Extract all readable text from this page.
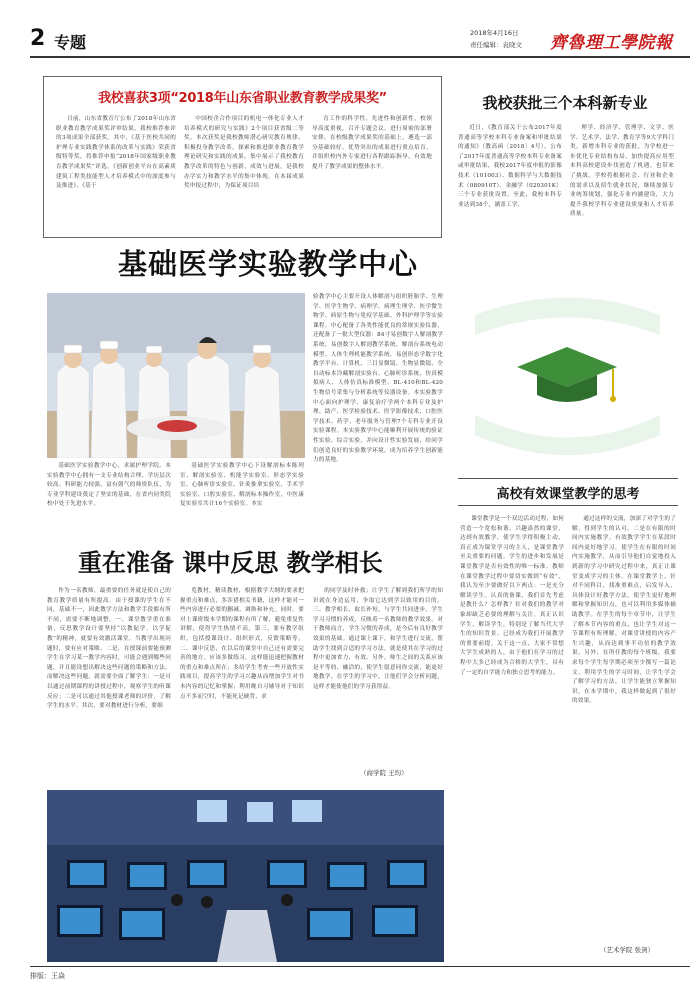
2 专题	2018年4月16日
责任编辑：袁晓文 齊魯理工學院報
我校喜获3项“2018年山东省职业教育教学成果奖”

日前，山东省教育厅公布了2018年山东省职业教育教学成果奖评审结果，我校推荐参评的3项成果全部获奖。其中，《基于医校共同的护理专业实践教学体系的改革与实践》荣获省级特等奖，将推荐申报“2018年国家级职业教育教学成果奖”评选，《创新创业平台在高素质建筑工程类技能型人才培养模式中的深度参与及推进》、《基于

中国校企合作项目的机电一体化专业人才培养模式的研究与实践》2个项目获省级二等奖。本次获奖是我校教师潜心研究教育规律，积极投身教学改革，探索和推进职业教育教学理论研究和实践的成果，集中展示了我校教育教学改革的特色与创新，成效与进展，是我校办学实力和教学水平的集中体现。在本届成果奖申报过程中，为保证项目培

育工作的科学性，先进性和创新性，校领导高度重视，召开专题会议，进行周密的部署安排，在校级教学成果奖的基础上，遴选一部分基础较好、优势突出的成果进行重点培育，并组织校内外专家进行各程跟踪指导，有效地提升了教学成果的整体水平。

我校获批三个本科新专业

近日，《教育部关于公布2017年度普通高等学校本科专业备案和审批结果的通知》（教高函〔2018〕4号），公布了2017年度普通高等学校本科专业备案或审批结果，我校2017年度申报的影像技术（101003）、数据科学与大数据技术（080910T）、金融学（020301K）三个专业获批设置。至此，我校本科专业达到38个，涵盖工学、

理学、经济学、管理学、文学、医学、艺术学、法学、教育学等9大学科门类。新增本科专业的获批，为学校进一步优化专业结构布局，加快提高应用型本科高校建设步伐创造了机遇。也带来了挑战。学校将根据社会、行业和企业的需求以及招生就业状况，继续加强专业统筹规划，强化专业内涵建设，大力提升我校学科专业建设质量和人才培养质量。

基础医学实验教学中心

验教学中心主要开设人体解剖与组织胚胎学、生理学、医学生物学、病理学、病理生理学、医学微生物学、病原生物与免疫学基础、外科护理学等实验课程。中心配备了各类性能优良的常规实验仪器，还配备了一批大型仪器：84寸易创数字人解剖教学系统、易创数字人解剖教学系统、解剖台系统电动模型、人体生理机能教学系统、易创形态学数字化教学平台、计算机、三目显微镜、生物显微镜、全自动标本冷藏解剖实验台、心肺听诊系统、仿真模拟病人、人体仿真标准模型、BL-410和BL-420生物信号采集与分析系统等仪器设备。本实验教学中心面向护理学、康复治疗学两个本科专业及护理、助产、医学检验技术、医学影像技术、口腔医学技术、药学、老年服务与管理7个专科专业开设实验课程。本实验教学中心能顺利开展传统的验证性实验、综合实验，并向设计性实验发展，给同学们创造良好的实验教学环境，成为培养学生创新能力的基地。

基础医学实验教学中心，求属护理学院。本实验教学中心拥有一支专业结构合理、学历层次较高、科研能力较强、富有朝气的师资队伍，为专业学科建设奠定了坚实的基础，在省内同类院校中处于先进水平。

基础医学实验教学中心下设解剖标本陈列室、解剖实验室、机能学实验室、形态学实验室、心肺听诊实验室、针灸推拿实验室、手术学实验室、口腔实验室、解剖标本操作室，中医康复实验室共计16个实验室。本实

重在准备 课中反思 教学相长

作为一名教师，最重要的任务就是使自己的教育教学质量有所提高。由于授课的学生在不同，基础不一，因此教学方法和教学手段都有所不同，需要不断地调整。一、课堂教学重在准备，反思教学设计要坚持“以教促学，以学促教”的精神，就要有效激活课堂，当教学出现问题时，要有应对策略。二是，在授课前要能预测学生在学习某一教学内容时，可能会遇到哪些问题，并且能设想出解决这些问题的策略和方法。而解决这些问题，就需要全面了解学生：一是可以通过前期课程的讲授过程中，观察学生的听课反应；二是可以通过其他授课老师的评价，了解学生的水平。其次，要对教材进行分析，要细

览教材，精读教材，根据教学大纲的要求把握重点和难点，多涉猎相关书籍，这样才能对一些内容进行必要的删减、调换和补充。同时，要对上课班级本学期的课程有所了解，避免重复性讲解，使得学生热情不高。第三，要有教学组织，包括授课设计、组织形式，反馈策略等。二、课中反思，在以后的课堂中自己还有需要完善的地方。应该多做练习，这样能迅速把握教材的重点和难点所在；多给学生考查一些开放性实践项目，提高学生的学习兴趣从而增加学生对书本内容的记忆和掌握；利用晚自习辅导对于知识点不多而空时，不能死记硬背、求

的同学及时补救；让学生了解到我们所学的知识就在身边运用，争取它达到学以致用的目的。三、教学相长，取长补短，与学生共同进步。学生学习习惯的养成，反映着一名教师的教学效果。对于教师而言，学生习惯的养成，是今后有良好教学效果的基础。通过课上课下，和学生进行交流，帮助学生找到合适的学习方法，就是使其在学习的过程中更加省力、有效。另外，师生之间的关系应该是平等的、融洽的，使学生愿意同你交流，能更好地教学。在学生的学习中，让他们学会分析问题，这样才能使他们的学习获得益。

（商学院 王均）
高校有效课堂教学的思考

课堂教学是一个双边活动过程，如何营造一个宽松和谐、兴趣盎然的课堂，达到有效教学，使学生学得积极主动，真正成为课堂学习的主人，是课堂教学至关重要的问题。学生的进步和发展是课堂教学是否有效性的唯一标准。教师在课堂教学过程中要切实做到“有效”，我认为至少要做好以下两点：一是充分解读学生。认真的备课，我们首先考虑是教什么？怎样教？针对我们的教学对象却缺乏必要的理解与关注。真正认识学生，解读学生，特别是了解当代大学生的知识背景、已经成为我们开展教学的重要前提。关于这一点，大家不常想大学生成熟的人，由于他们在学习的过程中大多已经成为合格的大学生，具有了一定的自学能力和独立思考的能力。

通过这样的交流，加深了对学生的了解，得到学生的认可。二是在有限的时间内实施教学。有效教学学生在某段时间内更好地学习，使学生在有限的时间内实施教学，从而引导他们自觉地投入到新的学习中研究过程中来，真正让课堂变成学习的主体。在课堂教学上，针对不同科目，找准重难点，启发导入，具体设计好教学方法，使学生更好地理解和掌握知识点，也可以利用多媒体辅助教学。在学生的每个章节中，让学生了解本节内容的重点，也让学生对这一节课程有所理解，对课堂讲授的内容产生兴趣，从而达到事半功倍的教学效果。另外，在所任教的每个班级，我要求每个学生每学期必须至少撰写一篇论文，利用学生的学习时间，让学生学会了解学习的方法，让学生能独立掌握知识。在本学期中，我这样做起到了很好的效果。

（艺术学院 张剑）
排版：王焱
